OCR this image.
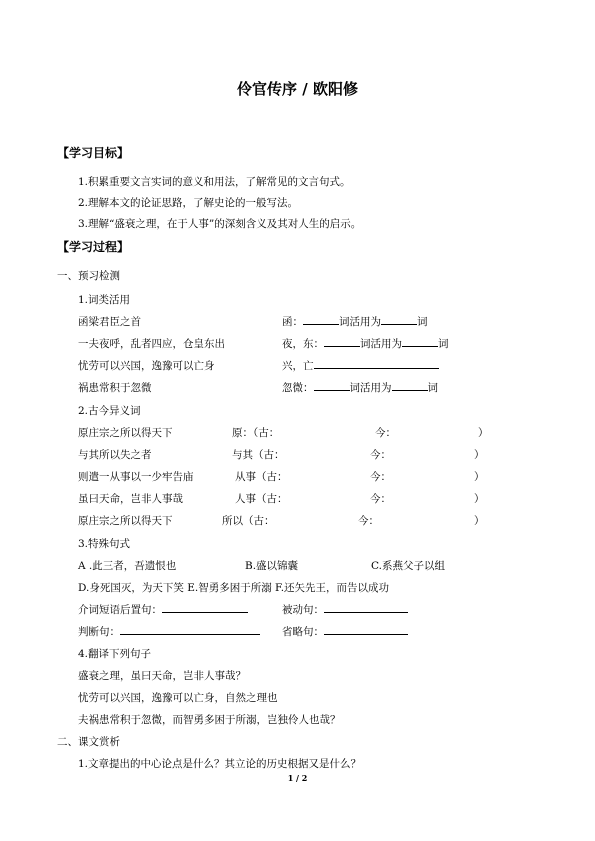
伶官传序 / 欧阳修
【学习目标】
1.积累重要文言实词的意义和用法，了解常见的文言句式。
2.理解本文的论证思路，了解史论的一般写法。
3.理解“盛衰之理，在于人事”的深刻含义及其对人生的启示。
【学习过程】
一、预习检测
1.词类活用
函梁君臣之首	函：	词活用为	词
一夫夜呼，乱者四应，仓皇东出	夜，东：	词活用为	词
忧劳可以兴国，逸豫可以亡身	兴，亡
祸患常积于忽微	忽微：	词活用为	词
2.古今异义词
原庄宗之所以得天下	原：（古：	今：	）
与其所以失之者	与其（古：	今：	）
则遣一从事以一少牢告庙	从事（古：	今：	）
虽曰天命，岂非人事哉	人事（古：	今：	）
原庄宗之所以得天下	所以（古：	今：	）
3.特殊句式
A .此三者，吾遗恨也	B.盛以锦囊	C.系燕父子以组
D.身死国灭，为天下笑 E.智勇多困于所溺 F.还矢先王，而告以成功
介词短语后置句：	被动句：
判断句：	省略句：
4.翻译下列句子
盛衰之理，虽曰天命，岂非人事哉？
忧劳可以兴国，逸豫可以亡身，自然之理也
夫祸患常积于忽微，而智勇多困于所溺，岂独伶人也哉？
二、课文赏析
1.文章提出的中心论点是什么？其立论的历史根据又是什么？
1 / 2
